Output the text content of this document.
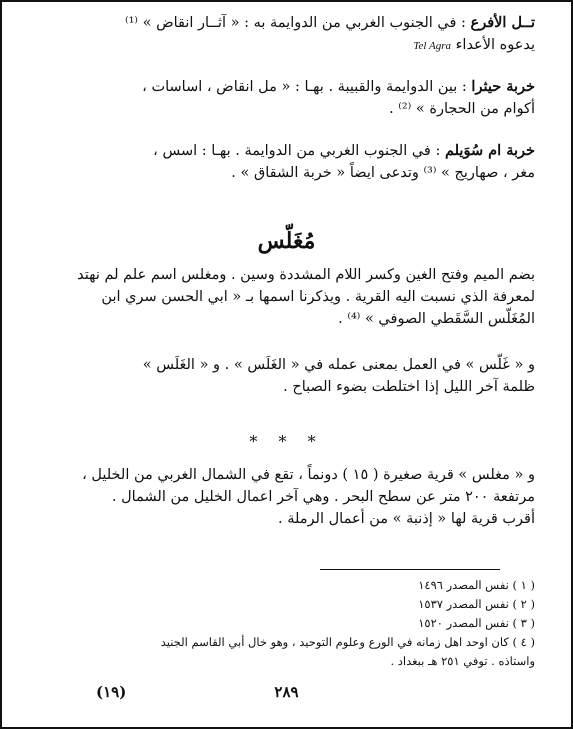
تــل الأفرع : في الجنوب الغربي من الدوايمة به : « آثــار انقاض » ⁽¹⁾
يدعوه الأعداء Tel Agra
خربة حيثرا : بين الدوايمة والقبيبة . بهـا : « مل انقاض ، اساسات ،
أكوام من الحجارة » ⁽²⁾ .
خربة ام سُوَيلم : في الجنوب الغربي من الدوايمة . بهـا : اسس ،
مغر ، صهاريج » ⁽³⁾ وتدعى ايضاً « خربة الشقاق » .
مُغَلّس
بضم الميم وفتح الغين وكسر اللام المشددة وسين . ومغلس اسم علم لم نهتد
لمعرفة الذي نسبت اليه القرية . ويذكرنا اسمها بـ « ابي الحسن سري ابن
المُغَلّس السَّقَطي الصوفي » ⁽⁴⁾ .
و « غَلّس » في العمل بمعنى عمله في « الغَلَس » . و « الغَلَس »
ظلمة آخر الليل إذا اختلطت بضوء الصباح .
* * *
و « مغلس » قرية صغيرة ( ١٥ ) دونماً ، تقع في الشمال الغربي من الخليل ،
مرتفعة ٢٠٠ متر عن سطح البحر . وهي آخر اعمال الخليل من الشمال .
أقرب قرية لها « إذنبة » من أعمال الرملة .
( ١ ) نفس المصدر ١٤٩٦
( ٢ ) نفس المصدر ١٥٣٧
( ٣ ) نفس المصدر ١٥٢٠
( ٤ ) كان اوحد اهل زمانه في الورع وعلوم التوحيد ، وهو خال أبي القاسم الجنيد
واستاذه . توفي ٢٥١ هـ ببغداد .
٢٨٩
(١٩)
